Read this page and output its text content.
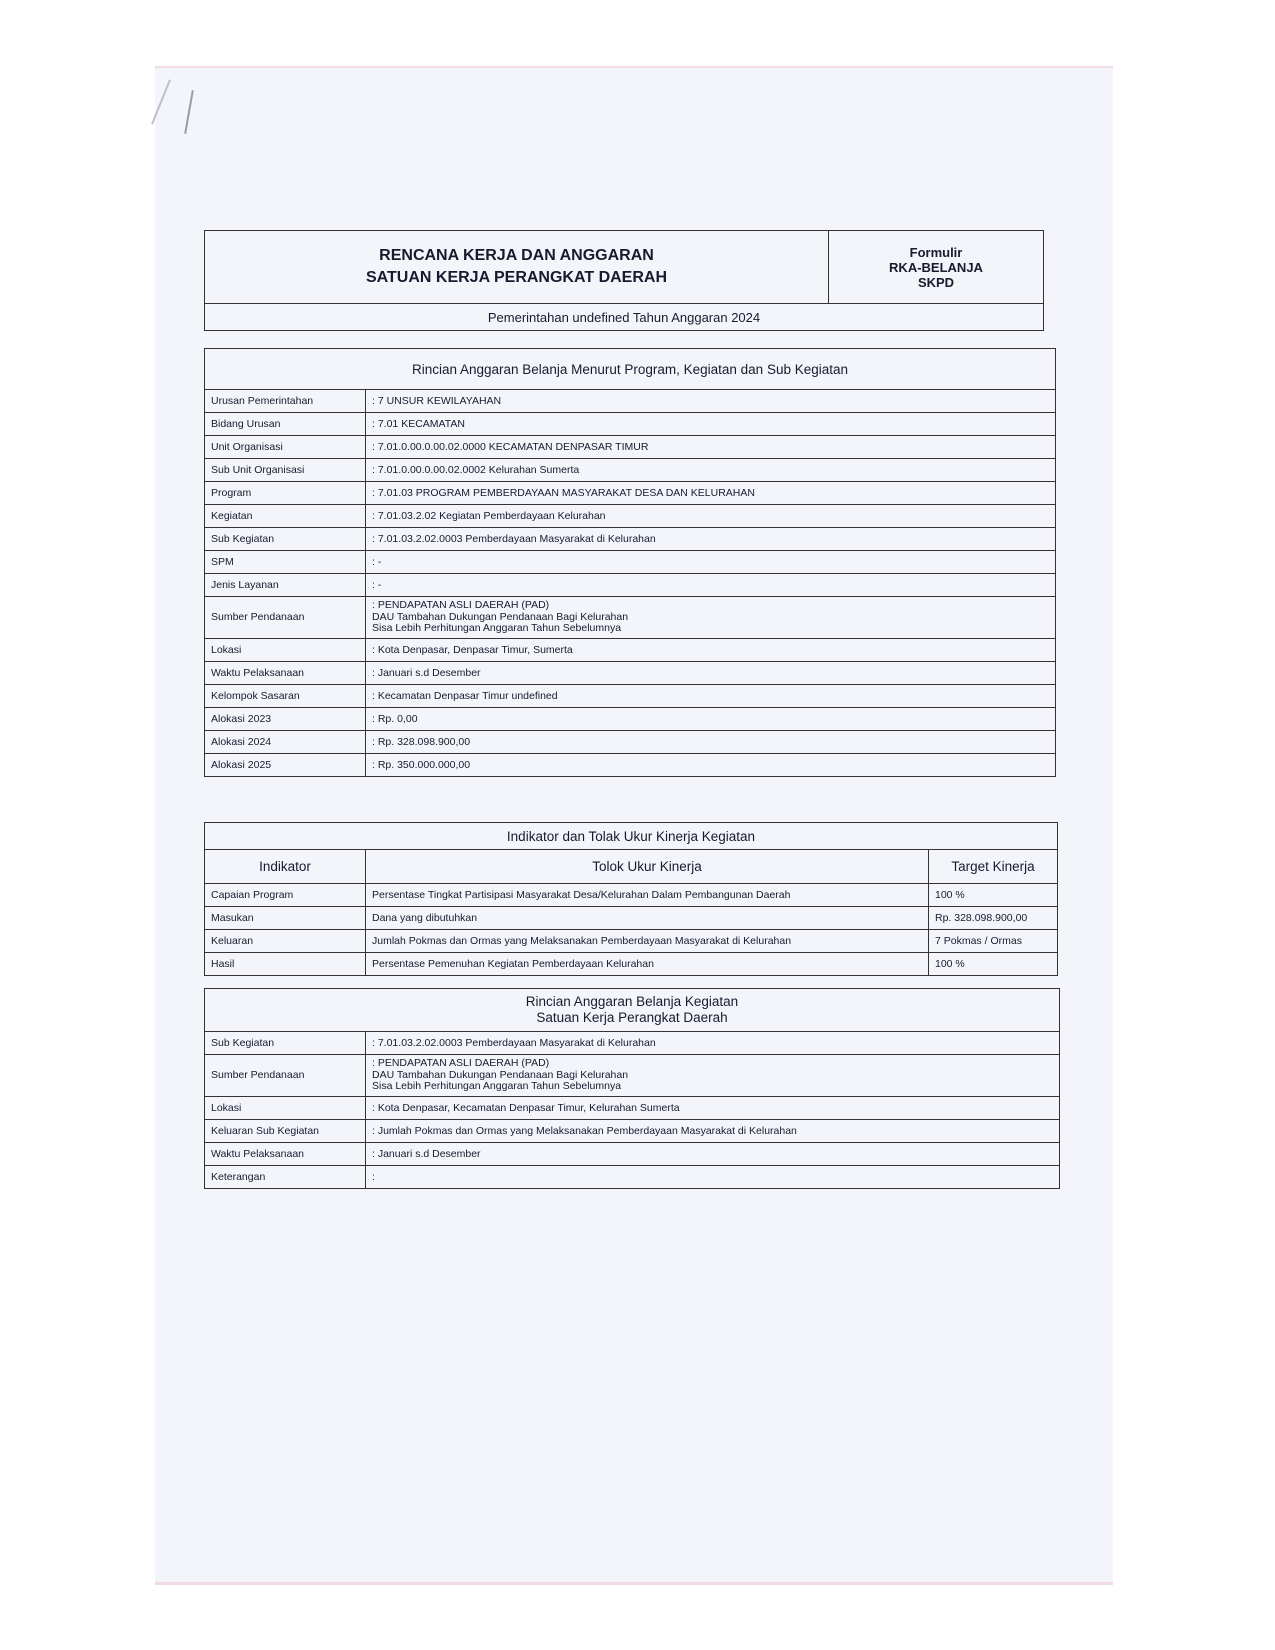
RENCANA KERJA DAN ANGGARAN
SATUAN KERJA PERANGKAT DAERAH

Formulir
RKA-BELANJA
SKPD

Pemerintahan undefined Tahun Anggaran 2024
Rincian Anggaran Belanja Menurut Program, Kegiatan dan Sub Kegiatan	
Urusan Pemerintahan	: 7 UNSUR KEWILAYAHAN
Bidang Urusan	: 7.01 KECAMATAN
Unit Organisasi	: 7.01.0.00.0.00.02.0000 KECAMATAN DENPASAR TIMUR
Sub Unit Organisasi	: 7.01.0.00.0.00.02.0002 Kelurahan Sumerta
Program	: 7.01.03 PROGRAM PEMBERDAYAAN MASYARAKAT DESA DAN KELURAHAN
Kegiatan	: 7.01.03.2.02 Kegiatan Pemberdayaan Kelurahan
Sub Kegiatan	: 7.01.03.2.02.0003 Pemberdayaan Masyarakat di Kelurahan
SPM	: -
Jenis Layanan	: -
Sumber Pendanaan	: PENDAPATAN ASLI DAERAH (PAD)
DAU Tambahan Dukungan Pendanaan Bagi Kelurahan
Sisa Lebih Perhitungan Anggaran Tahun Sebelumnya

Lokasi	: Kota Denpasar, Denpasar Timur, Sumerta
Waktu Pelaksanaan	: Januari s.d Desember
Kelompok Sasaran	: Kecamatan Denpasar Timur undefined
Alokasi 2023	: Rp. 0,00
Alokasi 2024	: Rp. 328.098.900,00
Alokasi 2025	: Rp. 350.000.000,00
Indikator dan Tolak Ukur Kinerja Kegiatan		
Indikator	Tolok Ukur Kinerja	Target Kinerja
Capaian Program	Persentase Tingkat Partisipasi Masyarakat Desa/Kelurahan Dalam Pembangunan Daerah	100 %
Masukan	Dana yang dibutuhkan	Rp. 328.098.900,00
Keluaran	Jumlah Pokmas dan Ormas yang Melaksanakan Pemberdayaan Masyarakat di Kelurahan	7 Pokmas / Ormas
Hasil	Persentase Pemenuhan Kegiatan Pemberdayaan Kelurahan	100 %
Rincian Anggaran Belanja Kegiatan
Satuan Kerja Perangkat Daerah	

Sub Kegiatan	: 7.01.03.2.02.0003 Pemberdayaan Masyarakat di Kelurahan
Sumber Pendanaan	: PENDAPATAN ASLI DAERAH (PAD)
DAU Tambahan Dukungan Pendanaan Bagi Kelurahan
Sisa Lebih Perhitungan Anggaran Tahun Sebelumnya

Lokasi	: Kota Denpasar, Kecamatan Denpasar Timur, Kelurahan Sumerta
Keluaran Sub Kegiatan	: Jumlah Pokmas dan Ormas yang Melaksanakan Pemberdayaan Masyarakat di Kelurahan
Waktu Pelaksanaan	: Januari s.d Desember
Keterangan	:
